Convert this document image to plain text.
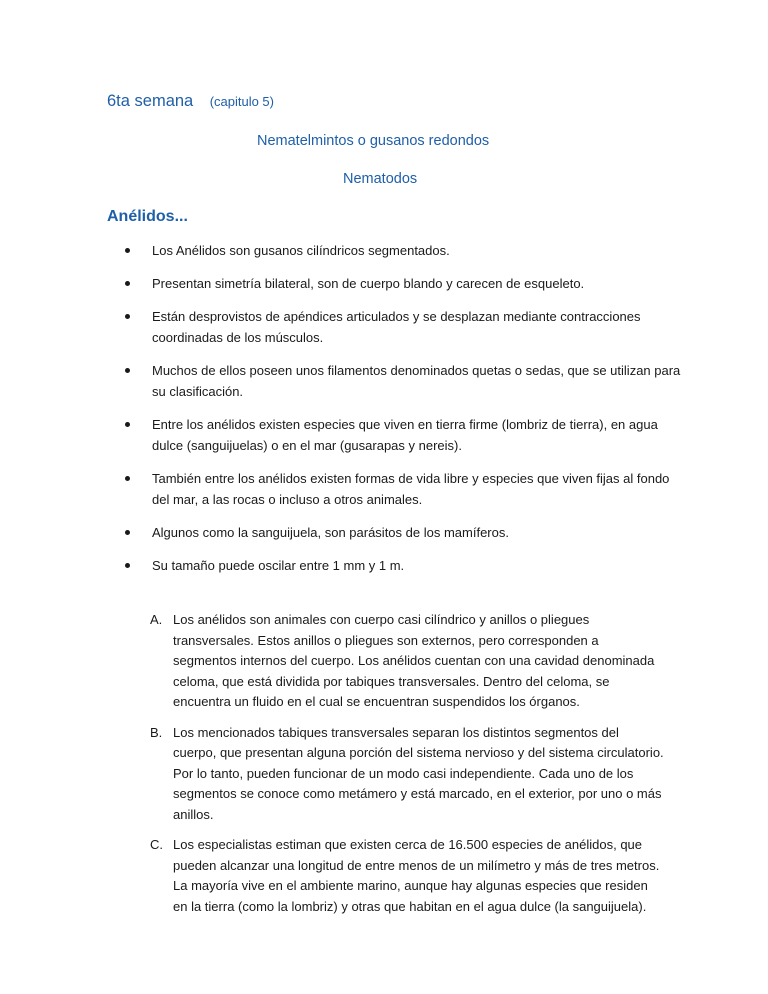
6ta semana (capitulo 5)
Nematelmintos o gusanos redondos
Nematodos
Anélidos...
Los Anélidos son gusanos cilíndricos segmentados.
Presentan simetría bilateral, son de cuerpo blando y carecen de esqueleto.
Están desprovistos de apéndices articulados y se desplazan mediante contracciones coordinadas de los músculos.
Muchos de ellos poseen unos filamentos denominados quetas o sedas, que se utilizan para su clasificación.
Entre los anélidos existen especies que viven en tierra firme (lombriz de tierra), en agua dulce (sanguijuelas) o en el mar (gusarapas y nereis).
También entre los anélidos existen formas de vida libre y especies que viven fijas al fondo del mar, a las rocas o incluso a otros animales.
Algunos como la sanguijuela, son parásitos de los mamíferos.
Su tamaño puede oscilar entre 1 mm y 1 m.
A. Los anélidos son animales con cuerpo casi cilíndrico y anillos o pliegues transversales. Estos anillos o pliegues son externos, pero corresponden a segmentos internos del cuerpo. Los anélidos cuentan con una cavidad denominada celoma, que está dividida por tabiques transversales. Dentro del celoma, se encuentra un fluido en el cual se encuentran suspendidos los órganos.
B. Los mencionados tabiques transversales separan los distintos segmentos del cuerpo, que presentan alguna porción del sistema nervioso y del sistema circulatorio. Por lo tanto, pueden funcionar de un modo casi independiente. Cada uno de los segmentos se conoce como metámero y está marcado, en el exterior, por uno o más anillos.
C. Los especialistas estiman que existen cerca de 16.500 especies de anélidos, que pueden alcanzar una longitud de entre menos de un milímetro y más de tres metros. La mayoría vive en el ambiente marino, aunque hay algunas especies que residen en la tierra (como la lombriz) y otras que habitan en el agua dulce (la sanguijuela).
